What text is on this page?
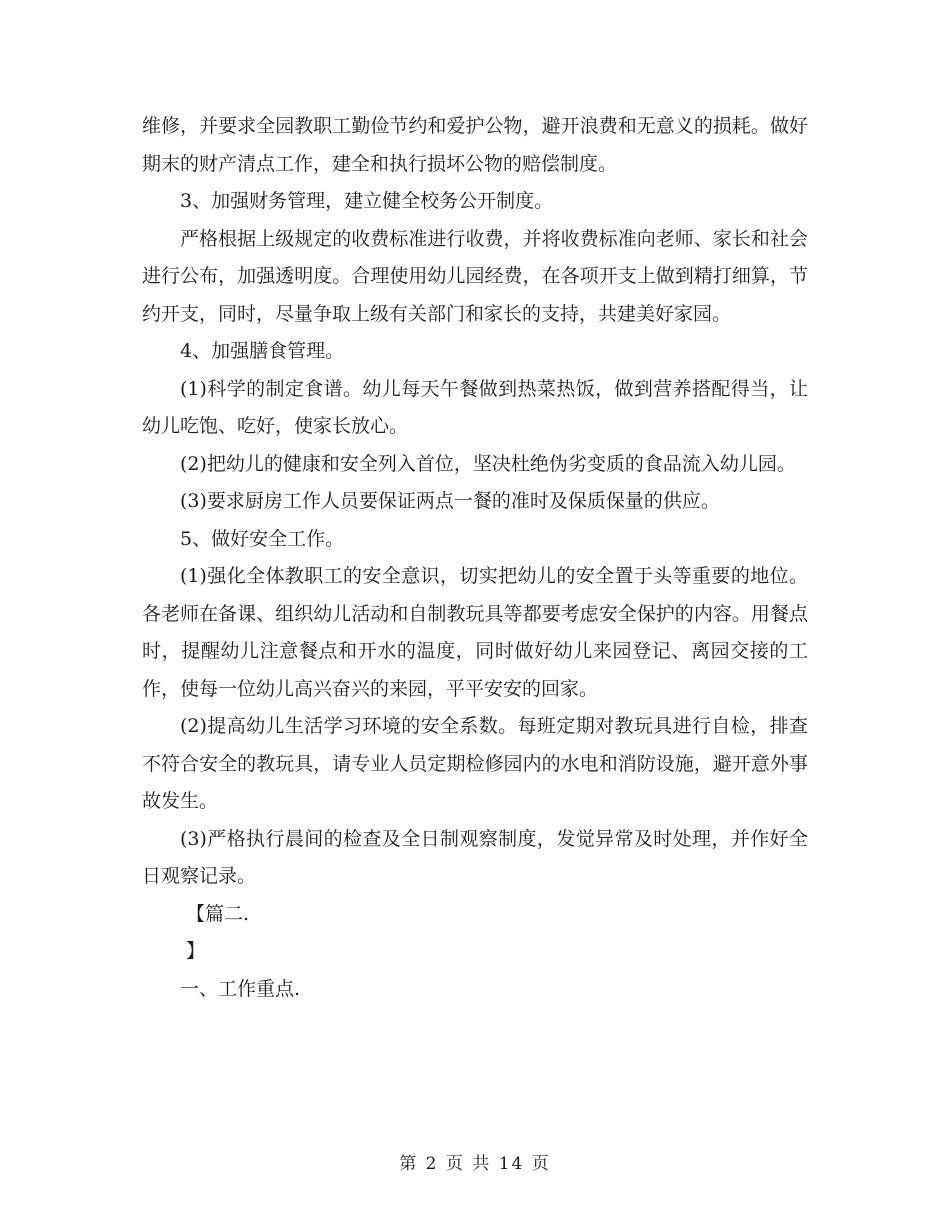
维修，并要求全园教职工勤俭节约和爱护公物，避开浪费和无意义的损耗。做好期末的财产清点工作，建全和执行损坏公物的赔偿制度。

3、加强财务管理，建立健全校务公开制度。

严格根据上级规定的收费标准进行收费，并将收费标准向老师、家长和社会进行公布，加强透明度。合理使用幼儿园经费，在各项开支上做到精打细算，节约开支，同时，尽量争取上级有关部门和家长的支持，共建美好家园。

4、加强膳食管理。

(1)科学的制定食谱。幼儿每天午餐做到热菜热饭，做到营养搭配得当，让幼儿吃饱、吃好，使家长放心。

(2)把幼儿的健康和安全列入首位，坚决杜绝伪劣变质的食品流入幼儿园。

(3)要求厨房工作人员要保证两点一餐的准时及保质保量的供应。

5、做好安全工作。

(1)强化全体教职工的安全意识，切实把幼儿的安全置于头等重要的地位。各老师在备课、组织幼儿活动和自制教玩具等都要考虑安全保护的内容。用餐点时，提醒幼儿注意餐点和开水的温度，同时做好幼儿来园登记、离园交接的工作，使每一位幼儿高兴奋兴的来园，平平安安的回家。

(2)提高幼儿生活学习环境的安全系数。每班定期对教玩具进行自检，排查不符合安全的教玩具，请专业人员定期检修园内的水电和消防设施，避开意外事故发生。

(3)严格执行晨间的检查及全日制观察制度，发觉异常及时处理，并作好全日观察记录。

【篇二.

】

一、工作重点.

第 2 页 共 14 页
